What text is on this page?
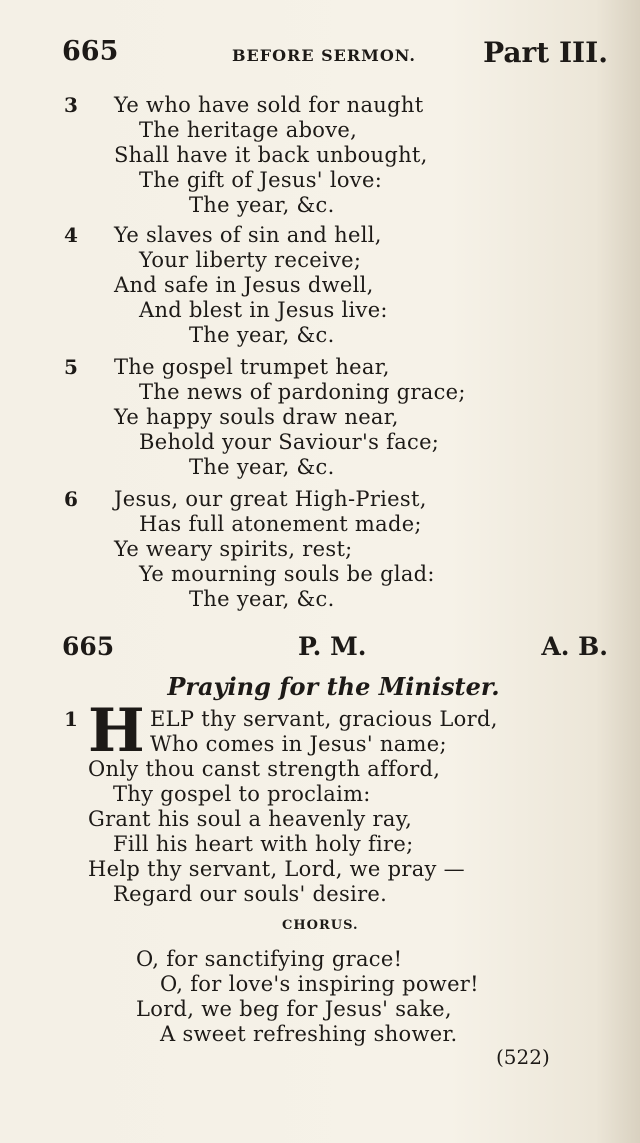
665	BEFORE SERMON. Part III.
3 Ye who have sold for naught
The heritage above,
Shall have it back unbought,
The gift of Jesus' love:
The year, &c.
4 Ye slaves of sin and hell,
Your liberty receive;
And safe in Jesus dwell,
And blest in Jesus live:
The year, &c.
5 The gospel trumpet hear,
The news of pardoning grace;
Ye happy souls draw near,
Behold your Saviour's face;
The year, &c.
6 Jesus, our great High-Priest,
Has full atonement made;
Ye weary spirits, rest;
Ye mourning souls be glad:
The year, &c.
665	P. M.	A. B.
Praying for the Minister.
1 H ELP thy servant, gracious Lord,
Who comes in Jesus' name;
Only thou canst strength afford,
Thy gospel to proclaim:
Grant his soul a heavenly ray,
Fill his heart with holy fire;
Help thy servant, Lord, we pray —
Regard our souls' desire.
CHORUS.
O, for sanctifying grace!
O, for love's inspiring power!
Lord, we beg for Jesus' sake,
A sweet refreshing shower.
(522)
